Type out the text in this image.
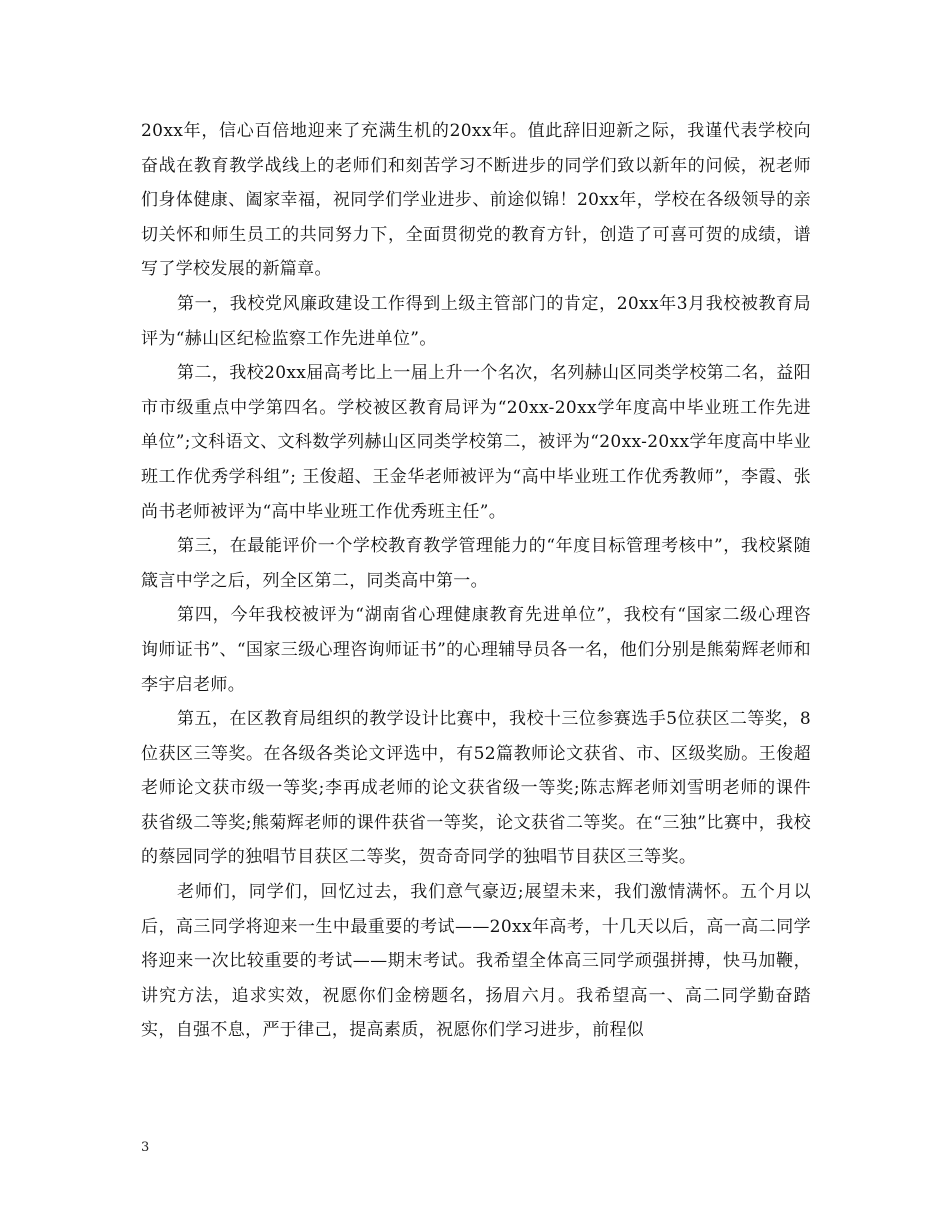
20xx年，信心百倍地迎来了充满生机的20xx年。值此辞旧迎新之际，我谨代表学校向奋战在教育教学战线上的老师们和刻苦学习不断进步的同学们致以新年的问候，祝老师们身体健康、阖家幸福，祝同学们学业进步、前途似锦！20xx年，学校在各级领导的亲切关怀和师生员工的共同努力下，全面贯彻党的教育方针，创造了可喜可贺的成绩，谱写了学校发展的新篇章。

第一，我校党风廉政建设工作得到上级主管部门的肯定，20xx年3月我校被教育局评为“赫山区纪检监察工作先进单位”。

第二，我校20xx届高考比上一届上升一个名次，名列赫山区同类学校第二名，益阳市市级重点中学第四名。学校被区教育局评为“20xx-20xx学年度高中毕业班工作先进单位”;文科语文、文科数学列赫山区同类学校第二，被评为“20xx-20xx学年度高中毕业班工作优秀学科组”; 王俊超、王金华老师被评为“高中毕业班工作优秀教师”，李霞、张尚书老师被评为“高中毕业班工作优秀班主任”。

第三，在最能评价一个学校教育教学管理能力的“年度目标管理考核中”，我校紧随箴言中学之后，列全区第二，同类高中第一。

第四，今年我校被评为“湖南省心理健康教育先进单位”，我校有“国家二级心理咨询师证书”、“国家三级心理咨询师证书”的心理辅导员各一名，他们分别是熊菊辉老师和李宇启老师。

第五，在区教育局组织的教学设计比赛中，我校十三位参赛选手5位获区二等奖，8位获区三等奖。在各级各类论文评选中，有52篇教师论文获省、市、区级奖励。王俊超老师论文获市级一等奖;李再成老师的论文获省级一等奖;陈志辉老师刘雪明老师的课件获省级二等奖;熊菊辉老师的课件获省一等奖，论文获省二等奖。在“三独”比赛中，我校的蔡园同学的独唱节目获区二等奖，贺奇奇同学的独唱节目获区三等奖。

老师们，同学们，回忆过去，我们意气豪迈;展望未来，我们激情满怀。五个月以后，高三同学将迎来一生中最重要的考试——20xx年高考，十几天以后，高一高二同学将迎来一次比较重要的考试——期末考试。我希望全体高三同学顽强拼搏，快马加鞭，讲究方法，追求实效，祝愿你们金榜题名，扬眉六月。我希望高一、高二同学勤奋踏实，自强不息，严于律己，提高素质，祝愿你们学习进步，前程似

3
